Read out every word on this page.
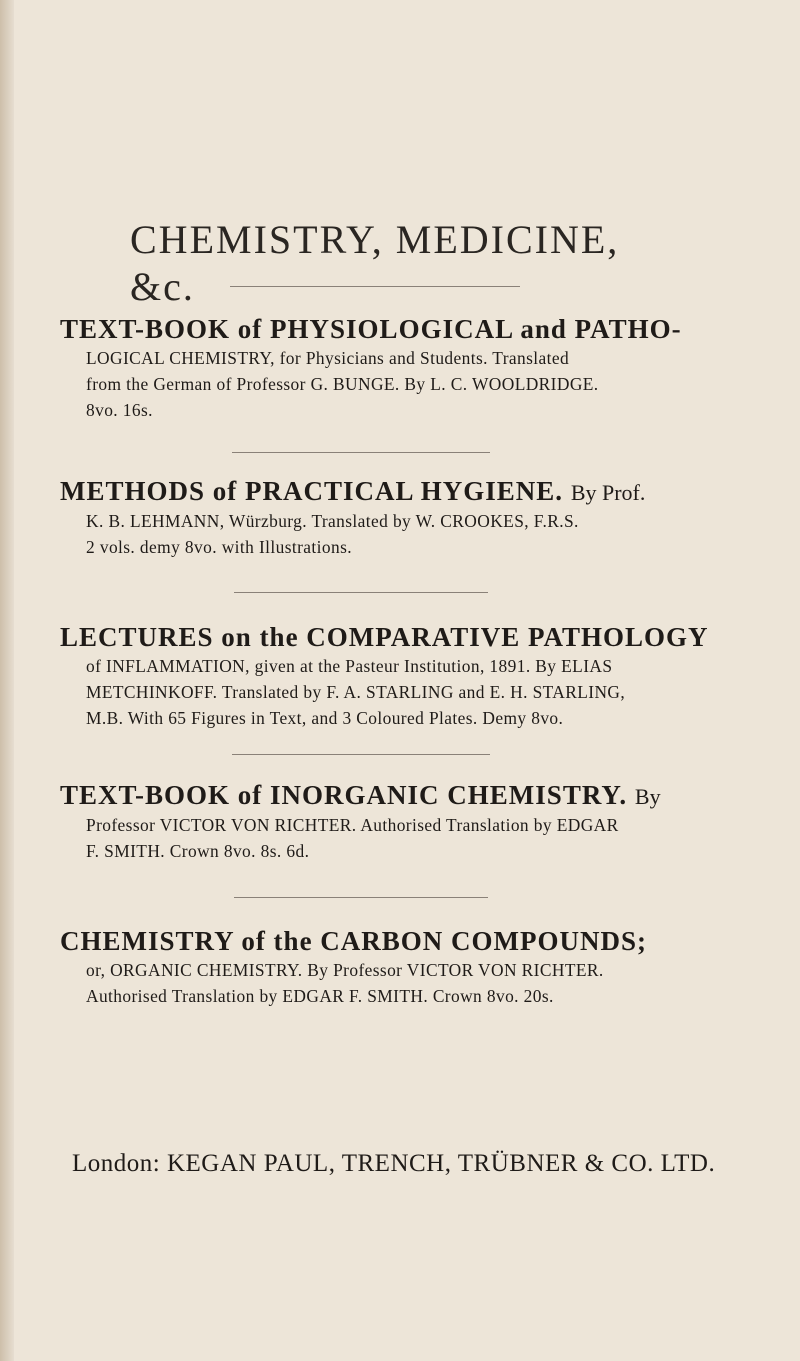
CHEMISTRY, MEDICINE, &c.

TEXT-BOOK of PHYSIOLOGICAL and PATHO-

LOGICAL CHEMISTRY, for Physicians and Students. Translated

from the German of Professor G. BUNGE. By L. C. WOOLDRIDGE.

8vo. 16s.

METHODS of PRACTICAL HYGIENE. By Prof.

K. B. LEHMANN, Würzburg. Translated by W. CROOKES, F.R.S.

2 vols. demy 8vo. with Illustrations.

LECTURES on the COMPARATIVE PATHOLOGY

of INFLAMMATION, given at the Pasteur Institution, 1891. By ELIAS

METCHINKOFF. Translated by F. A. STARLING and E. H. STARLING,

M.B. With 65 Figures in Text, and 3 Coloured Plates. Demy 8vo.

TEXT-BOOK of INORGANIC CHEMISTRY. By

Professor VICTOR VON RICHTER. Authorised Translation by EDGAR

F. SMITH. Crown 8vo. 8s. 6d.

CHEMISTRY of the CARBON COMPOUNDS;

or, ORGANIC CHEMISTRY. By Professor VICTOR VON RICHTER.

Authorised Translation by EDGAR F. SMITH. Crown 8vo. 20s.

London: KEGAN PAUL, TRENCH, TRÜBNER & CO. LTD.
